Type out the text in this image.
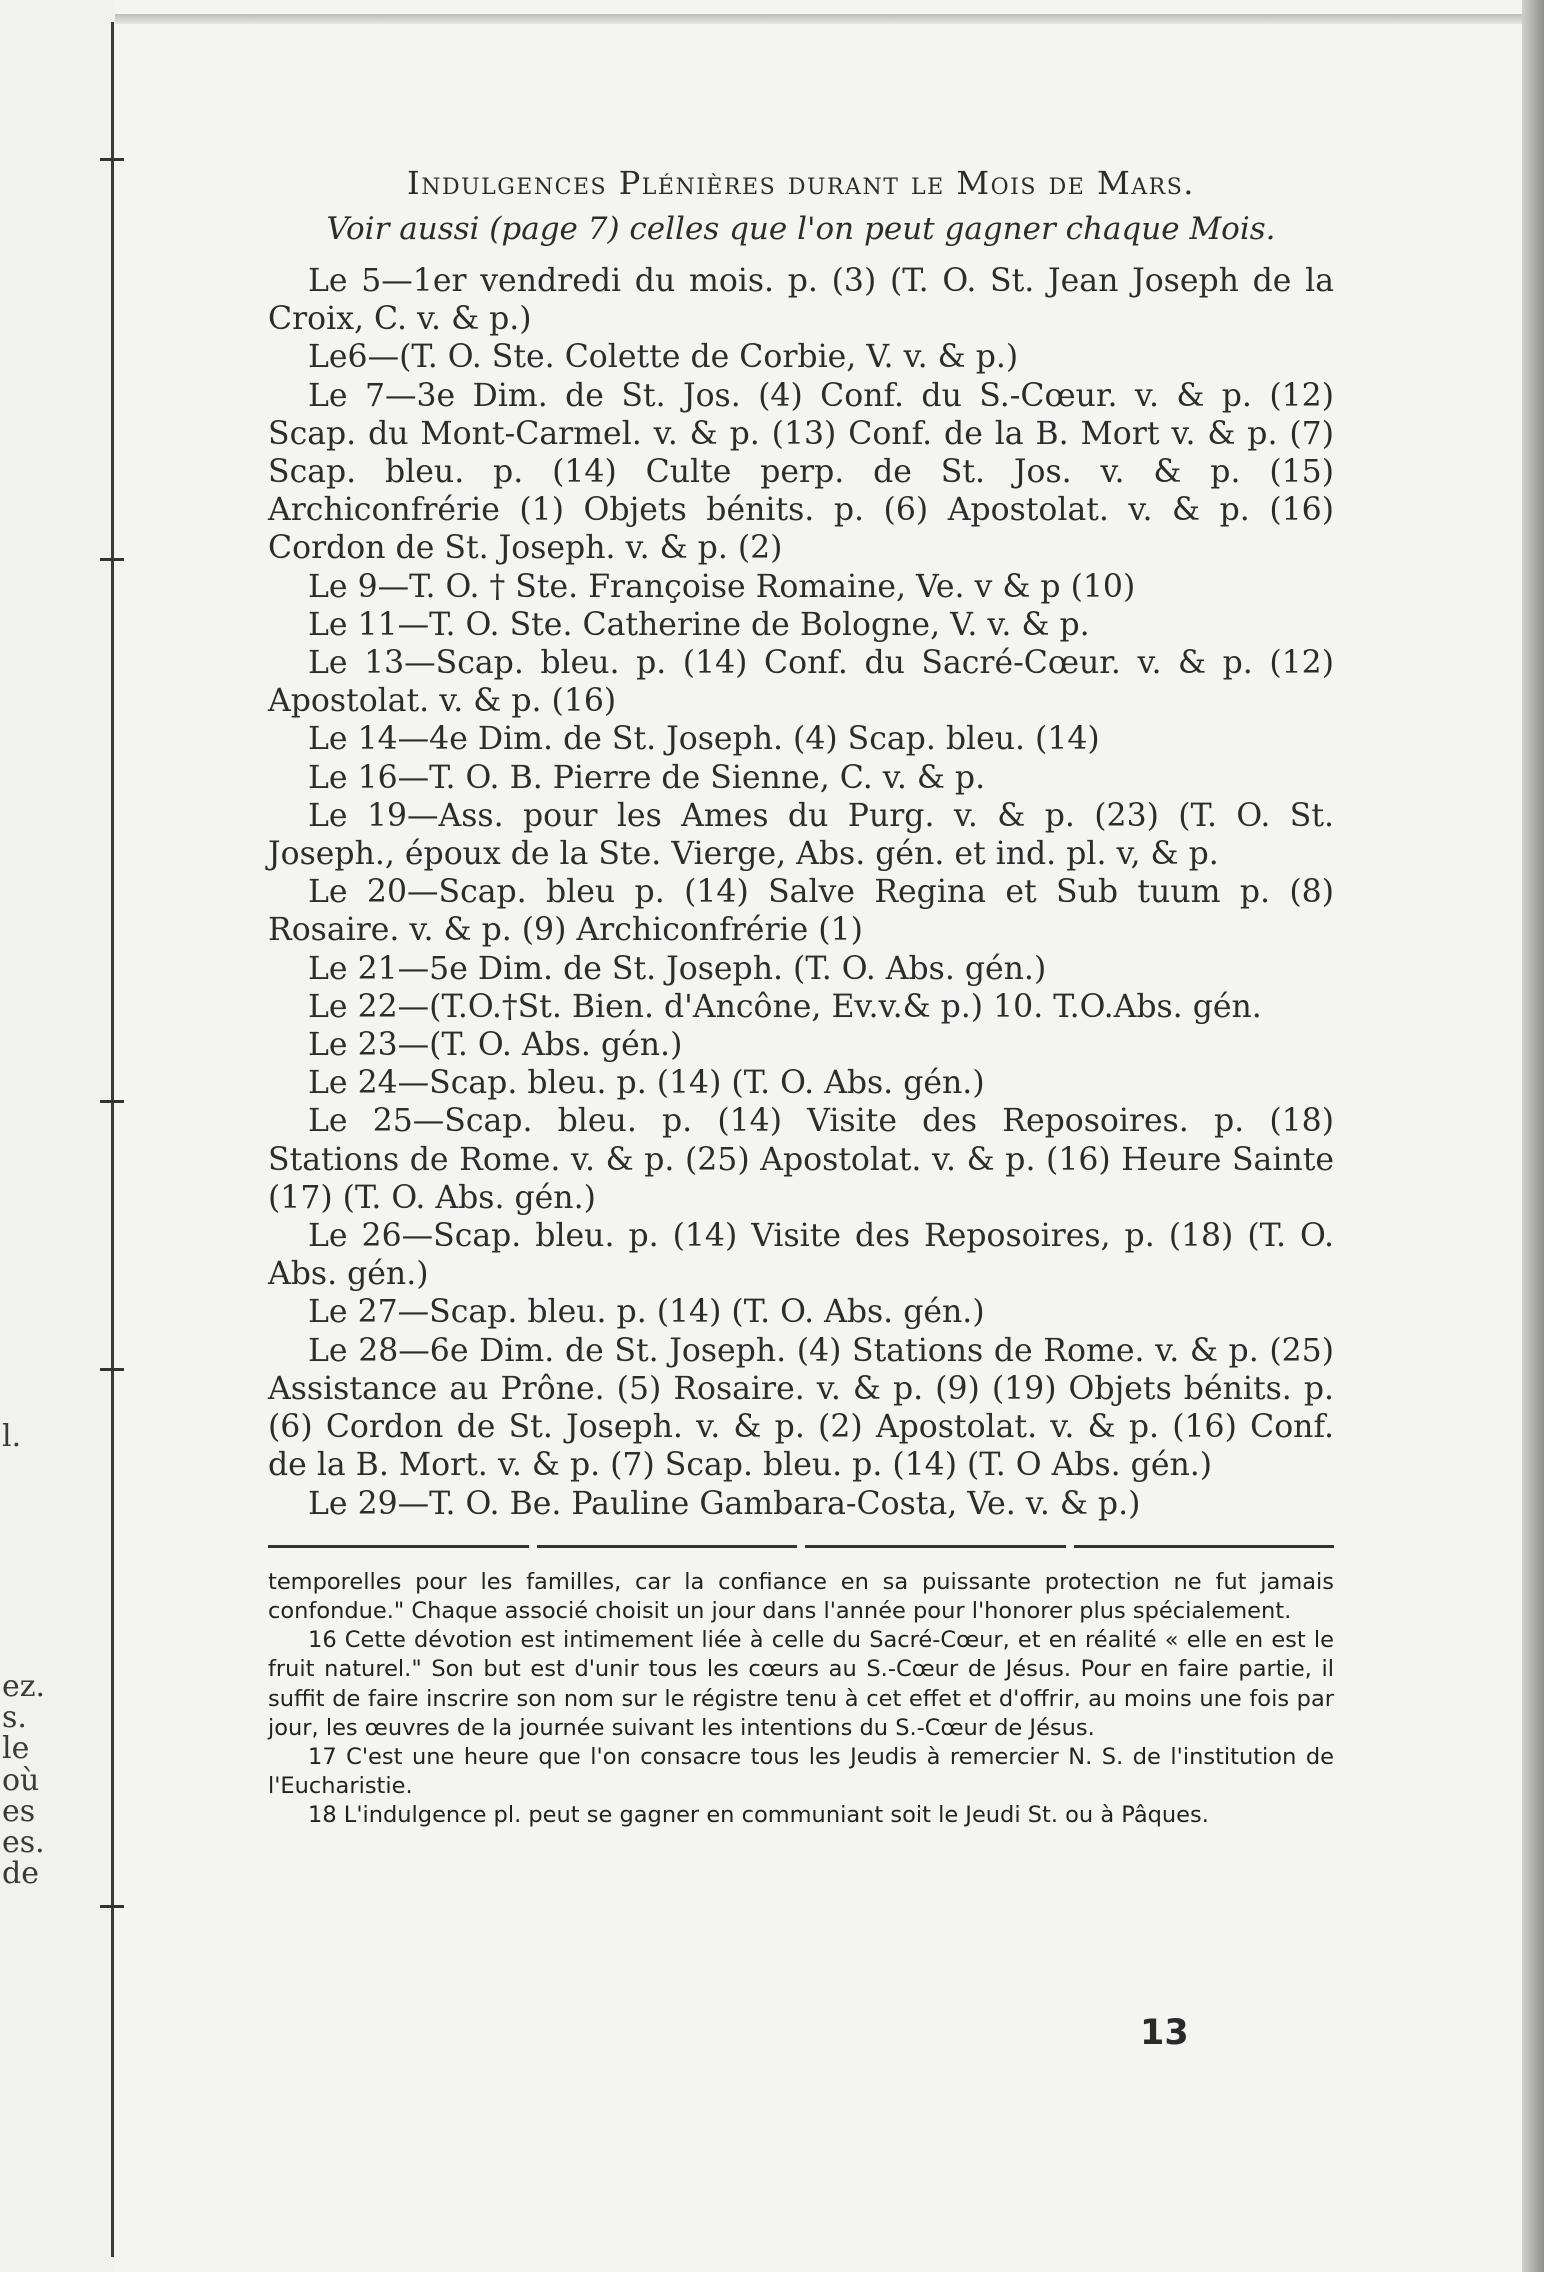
l.
ez.
s.
le
où
es
es.
de

Indulgences Plénières durant le Mois de Mars.

Voir aussi (page 7) celles que l'on peut gagner chaque Mois.

Le 5—1er vendredi du mois. p. (3) (T. O. St. Jean Joseph de la Croix, C. v. & p.)

Le6—(T. O. Ste. Colette de Corbie, V. v. & p.)

Le 7—3e Dim. de St. Jos. (4) Conf. du S.-Cœur. v. & p. (12) Scap. du Mont-Carmel. v. & p. (13) Conf. de la B. Mort v. & p. (7) Scap. bleu. p. (14) Culte perp. de St. Jos. v. & p. (15) Archiconfrérie (1) Objets bénits. p. (6) Apostolat. v. & p. (16) Cordon de St. Joseph. v. & p. (2)

Le 9—T. O. † Ste. Françoise Romaine, Ve. v & p (10)

Le 11—T. O. Ste. Catherine de Bologne, V. v. & p.

Le 13—Scap. bleu. p. (14) Conf. du Sacré-Cœur. v. & p. (12) Apostolat. v. & p. (16)

Le 14—4e Dim. de St. Joseph. (4) Scap. bleu. (14)

Le 16—T. O. B. Pierre de Sienne, C. v. & p.

Le 19—Ass. pour les Ames du Purg. v. & p. (23) (T. O. St. Joseph., époux de la Ste. Vierge, Abs. gén. et ind. pl. v, & p.

Le 20—Scap. bleu p. (14) Salve Regina et Sub tuum p. (8) Rosaire. v. & p. (9) Archiconfrérie (1)

Le 21—5e Dim. de St. Joseph. (T. O. Abs. gén.)

Le 22—(T.O.†St. Bien. d'Ancône, Ev.v.& p.) 10. T.O.Abs. gén.

Le 23—(T. O. Abs. gén.)

Le 24—Scap. bleu. p. (14) (T. O. Abs. gén.)

Le 25—Scap. bleu. p. (14) Visite des Reposoires. p. (18) Stations de Rome. v. & p. (25) Apostolat. v. & p. (16) Heure Sainte (17) (T. O. Abs. gén.)

Le 26—Scap. bleu. p. (14) Visite des Reposoires, p. (18) (T. O. Abs. gén.)

Le 27—Scap. bleu. p. (14) (T. O. Abs. gén.)

Le 28—6e Dim. de St. Joseph. (4) Stations de Rome. v. & p. (25) Assistance au Prône. (5) Rosaire. v. & p. (9) (19) Objets bénits. p. (6) Cordon de St. Joseph. v. & p. (2) Apostolat. v. & p. (16) Conf. de la B. Mort. v. & p. (7) Scap. bleu. p. (14) (T. O Abs. gén.)

Le 29—T. O. Be. Pauline Gambara-Costa, Ve. v. & p.)

temporelles pour les familles, car la confiance en sa puissante protection ne fut jamais confondue." Chaque associé choisit un jour dans l'année pour l'honorer plus spécialement.

16 Cette dévotion est intimement liée à celle du Sacré-Cœur, et en réalité « elle en est le fruit naturel." Son but est d'unir tous les cœurs au S.-Cœur de Jésus. Pour en faire partie, il suffit de faire inscrire son nom sur le régistre tenu à cet effet et d'offrir, au moins une fois par jour, les œuvres de la journée suivant les intentions du S.-Cœur de Jésus.

17 C'est une heure que l'on consacre tous les Jeudis à remercier N. S. de l'institution de l'Eucharistie.

18 L'indulgence pl. peut se gagner en communiant soit le Jeudi St. ou à Pâques.

13
